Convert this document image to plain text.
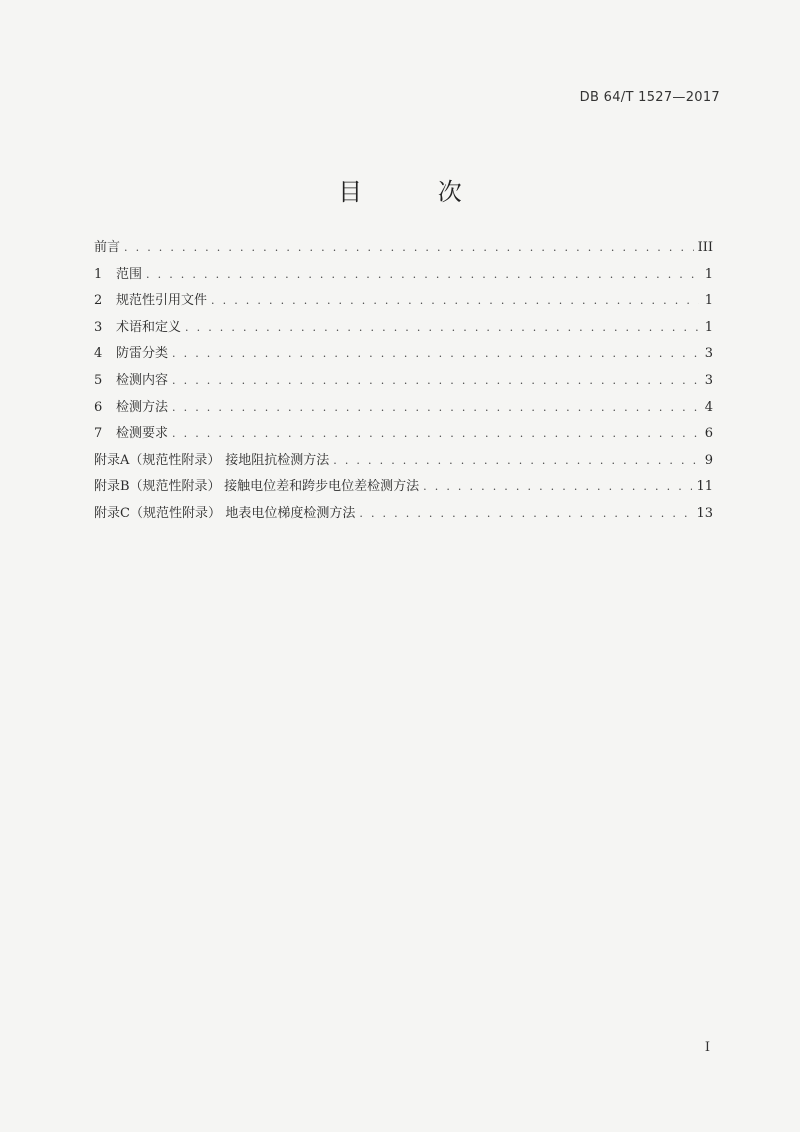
DB 64/T 1527—2017
目 次
前言 . . .	III
1	范围 . . .	1
2	规范性引用文件 . . .	1
3	术语和定义 . . .	1
4	防雷分类 . . .	3
5	检测内容 . . .	3
6	检测方法 . . .	4
7	检测要求 . . .	6
附录A（规范性附录） 接地阻抗检测方法 . . .	9
附录B（规范性附录） 接触电位差和跨步电位差检测方法 . . .	11
附录C（规范性附录） 地表电位梯度检测方法 . . .	13
I
